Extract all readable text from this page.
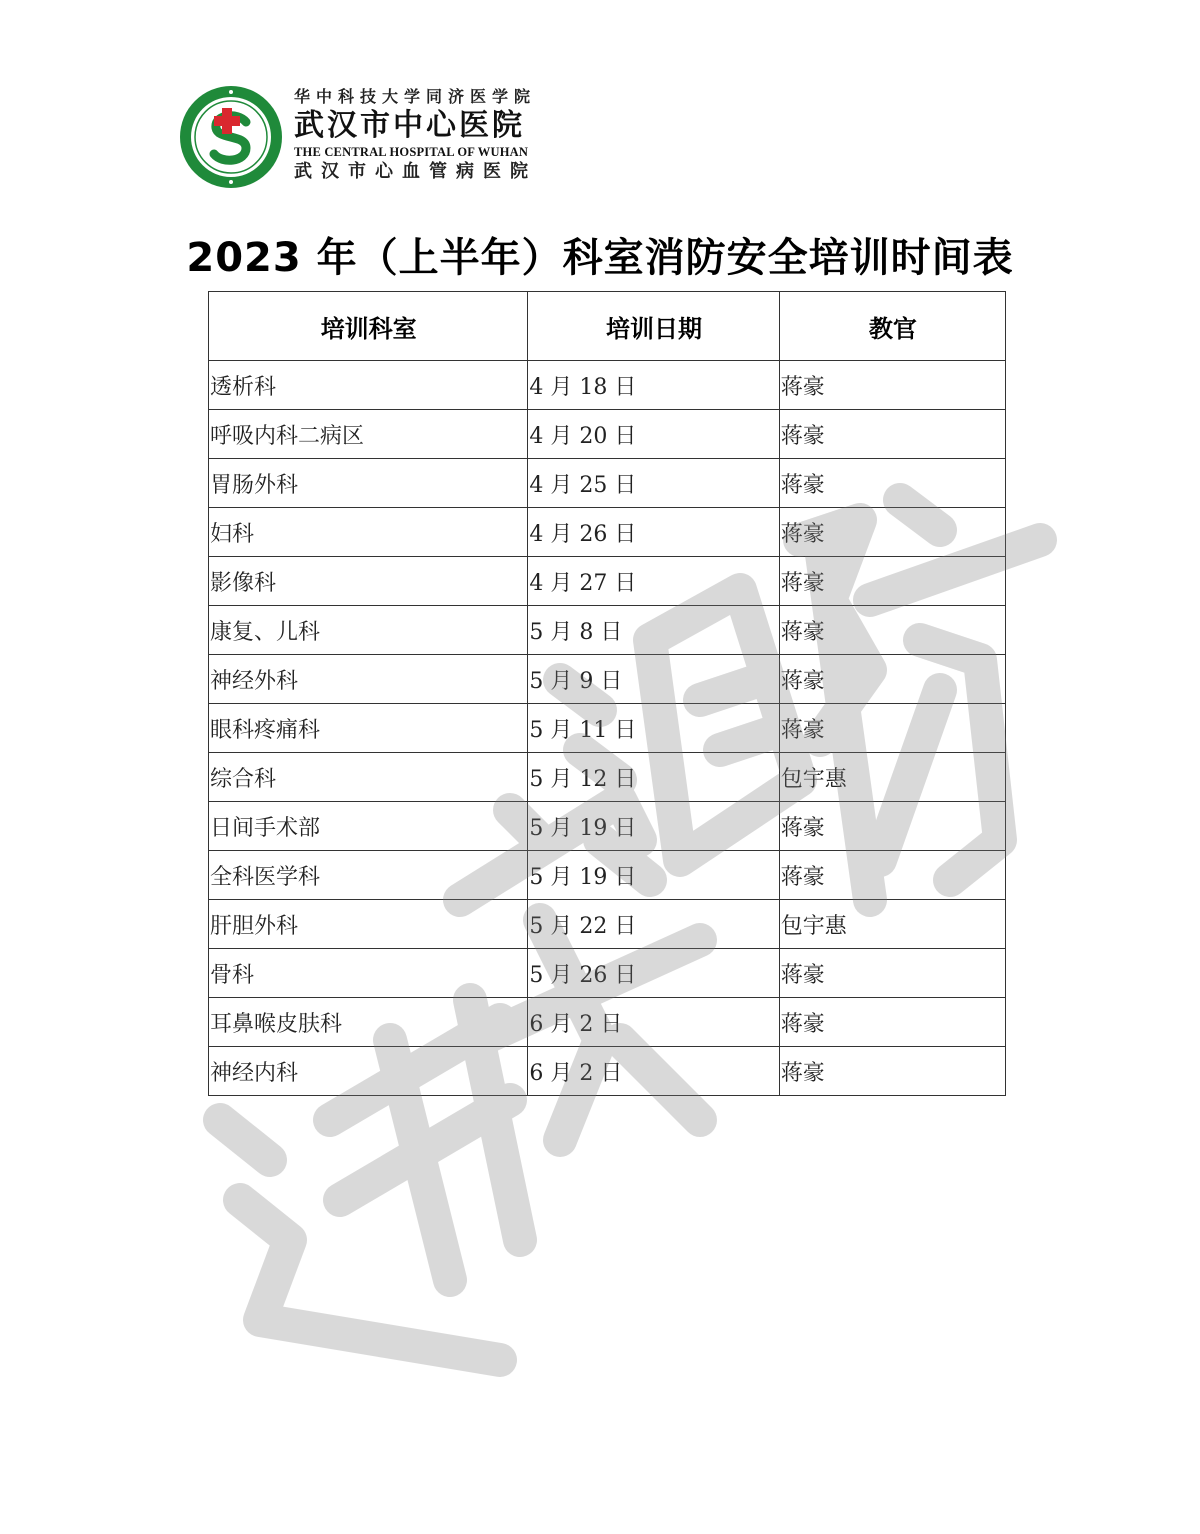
华中科技大学同济医学院
武汉市中心医院
THE CENTRAL HOSPITAL OF WUHAN
武汉市心血管病医院
2023 年（上半年）科室消防安全培训时间表
培训科室	培训日期	教官
透析科	4 月 18 日	蒋豪
呼吸内科二病区	4 月 20 日	蒋豪
胃肠外科	4 月 25 日	蒋豪
妇科	4 月 26 日	蒋豪
影像科	4 月 27 日	蒋豪
康复、儿科	5 月 8 日	蒋豪
神经外科	5 月 9 日	蒋豪
眼科疼痛科	5 月 11 日	蒋豪
综合科	5 月 12 日	包宇惠
日间手术部	5 月 19 日	蒋豪
全科医学科	5 月 19 日	蒋豪
肝胆外科	5 月 22 日	包宇惠
骨科	5 月 26 日	蒋豪
耳鼻喉皮肤科	6 月 2 日	蒋豪
神经内科	6 月 2 日	蒋豪
